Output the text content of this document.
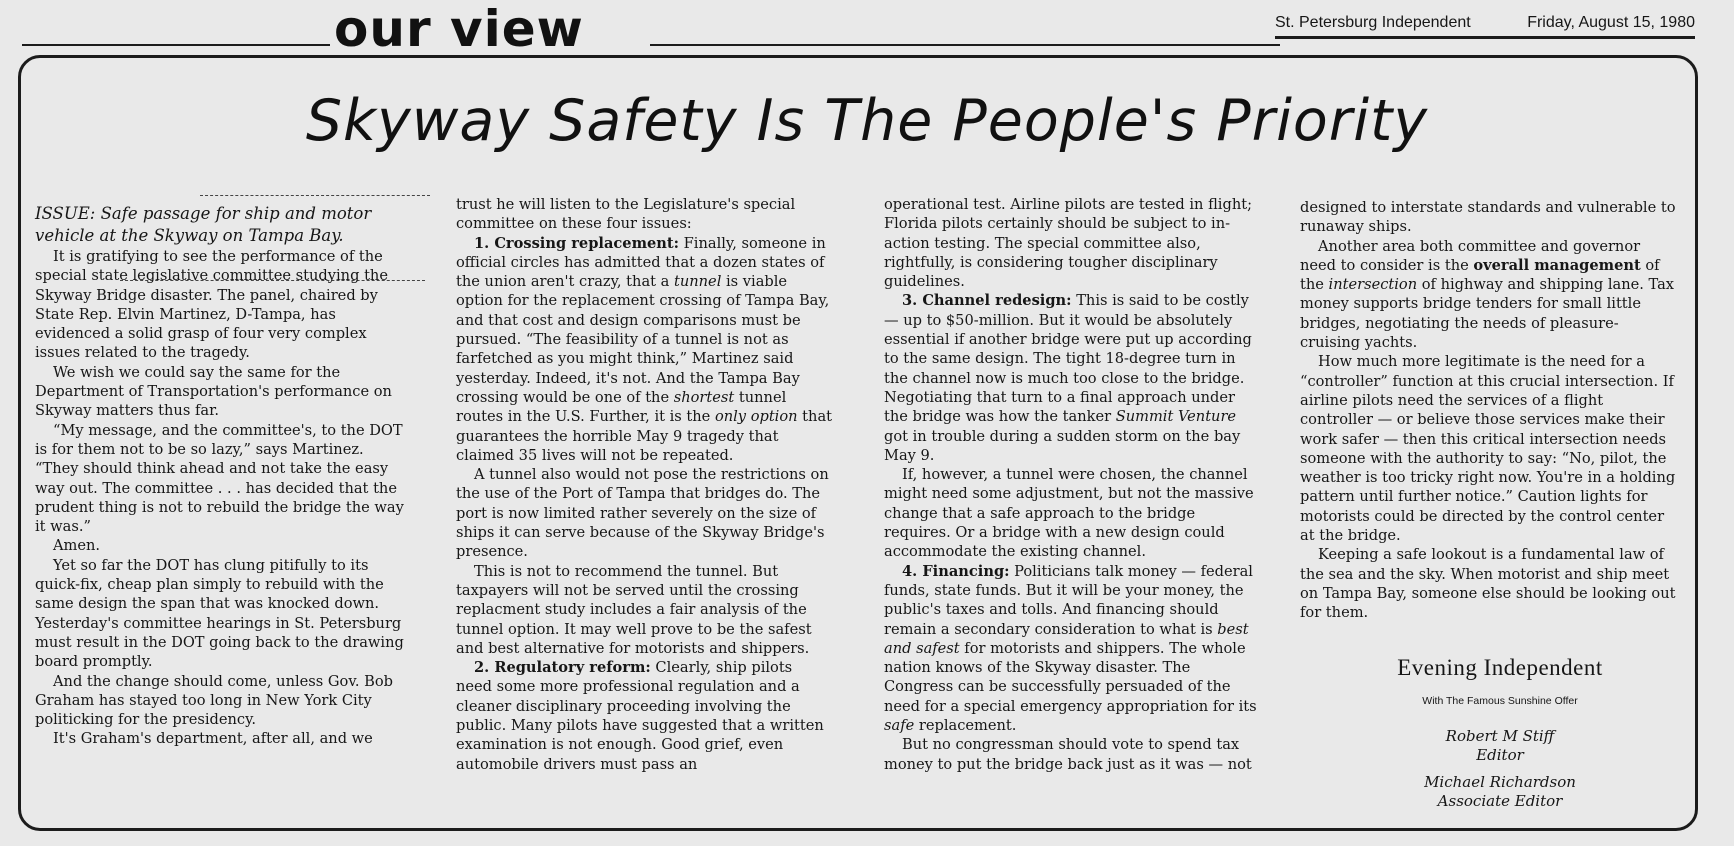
our view	St. Petersburg Independent	Friday, August 15, 1980
Skyway Safety Is The People's Priority

ISSUE: Safe passage for ship and motor vehicle at the Skyway on Tampa Bay.

It is gratifying to see the performance of the special state legislative committee studying the Skyway Bridge disaster. The panel, chaired by State Rep. Elvin Martinez, D-Tampa, has evidenced a solid grasp of four very complex issues related to the tragedy.

We wish we could say the same for the Department of Transportation's performance on Skyway matters thus far.

“My message, and the committee's, to the DOT is for them not to be so lazy,” says Martinez. “They should think ahead and not take the easy way out. The committee . . . has decided that the prudent thing is not to rebuild the bridge the way it was.”

Amen.

Yet so far the DOT has clung pitifully to its quick-fix, cheap plan simply to rebuild with the same design the span that was knocked down. Yesterday's committee hearings in St. Petersburg must result in the DOT going back to the drawing board promptly.

And the change should come, unless Gov. Bob Graham has stayed too long in New York City politicking for the presidency.

It's Graham's department, after all, and we

trust he will listen to the Legislature's special committee on these four issues:

1. Crossing replacement: Finally, someone in official circles has admitted that a dozen states of the union aren't crazy, that a tunnel is viable option for the replacement crossing of Tampa Bay, and that cost and design comparisons must be pursued. “The feasibility of a tunnel is not as farfetched as you might think,” Martinez said yesterday. Indeed, it's not. And the Tampa Bay crossing would be one of the shortest tunnel routes in the U.S. Further, it is the only option that guarantees the horrible May 9 tragedy that claimed 35 lives will not be repeated.

A tunnel also would not pose the restrictions on the use of the Port of Tampa that bridges do. The port is now limited rather severely on the size of ships it can serve because of the Skyway Bridge's presence.

This is not to recommend the tunnel. But taxpayers will not be served until the crossing replacment study includes a fair analysis of the tunnel option. It may well prove to be the safest and best alternative for motorists and shippers.

2. Regulatory reform: Clearly, ship pilots need some more professional regulation and a cleaner disciplinary proceeding involving the public. Many pilots have suggested that a written examination is not enough. Good grief, even automobile drivers must pass an

operational test. Airline pilots are tested in flight; Florida pilots certainly should be subject to in-action testing. The special committee also, rightfully, is considering tougher disciplinary guidelines.

3. Channel redesign: This is said to be costly — up to $50-million. But it would be absolutely essential if another bridge were put up according to the same design. The tight 18-degree turn in the channel now is much too close to the bridge. Negotiating that turn to a final approach under the bridge was how the tanker Summit Venture got in trouble during a sudden storm on the bay May 9.

If, however, a tunnel were chosen, the channel might need some adjustment, but not the massive change that a safe approach to the bridge requires. Or a bridge with a new design could accommodate the existing channel.

4. Financing: Politicians talk money — federal funds, state funds. But it will be your money, the public's taxes and tolls. And financing should remain a secondary consideration to what is best and safest for motorists and shippers. The whole nation knows of the Skyway disaster. The Congress can be successfully persuaded of the need for a special emergency appropriation for its safe replacement.

But no congressman should vote to spend tax money to put the bridge back just as it was — not

designed to interstate standards and vulnerable to runaway ships.

Another area both committee and governor need to consider is the overall management of the intersection of highway and shipping lane. Tax money supports bridge tenders for small little bridges, negotiating the needs of pleasure-cruising yachts.

How much more legitimate is the need for a “controller” function at this crucial intersection. If airline pilots need the services of a flight controller — or believe those services make their work safer — then this critical intersection needs someone with the authority to say: “No, pilot, the weather is too tricky right now. You're in a holding pattern until further notice.” Caution lights for motorists could be directed by the control center at the bridge.

Keeping a safe lookout is a fundamental law of the sea and the sky. When motorist and ship meet on Tampa Bay, someone else should be looking out for them.

Evening Independent
With The Famous Sunshine Offer
Robert M Stiff
Editor
Michael Richardson
Associate Editor
